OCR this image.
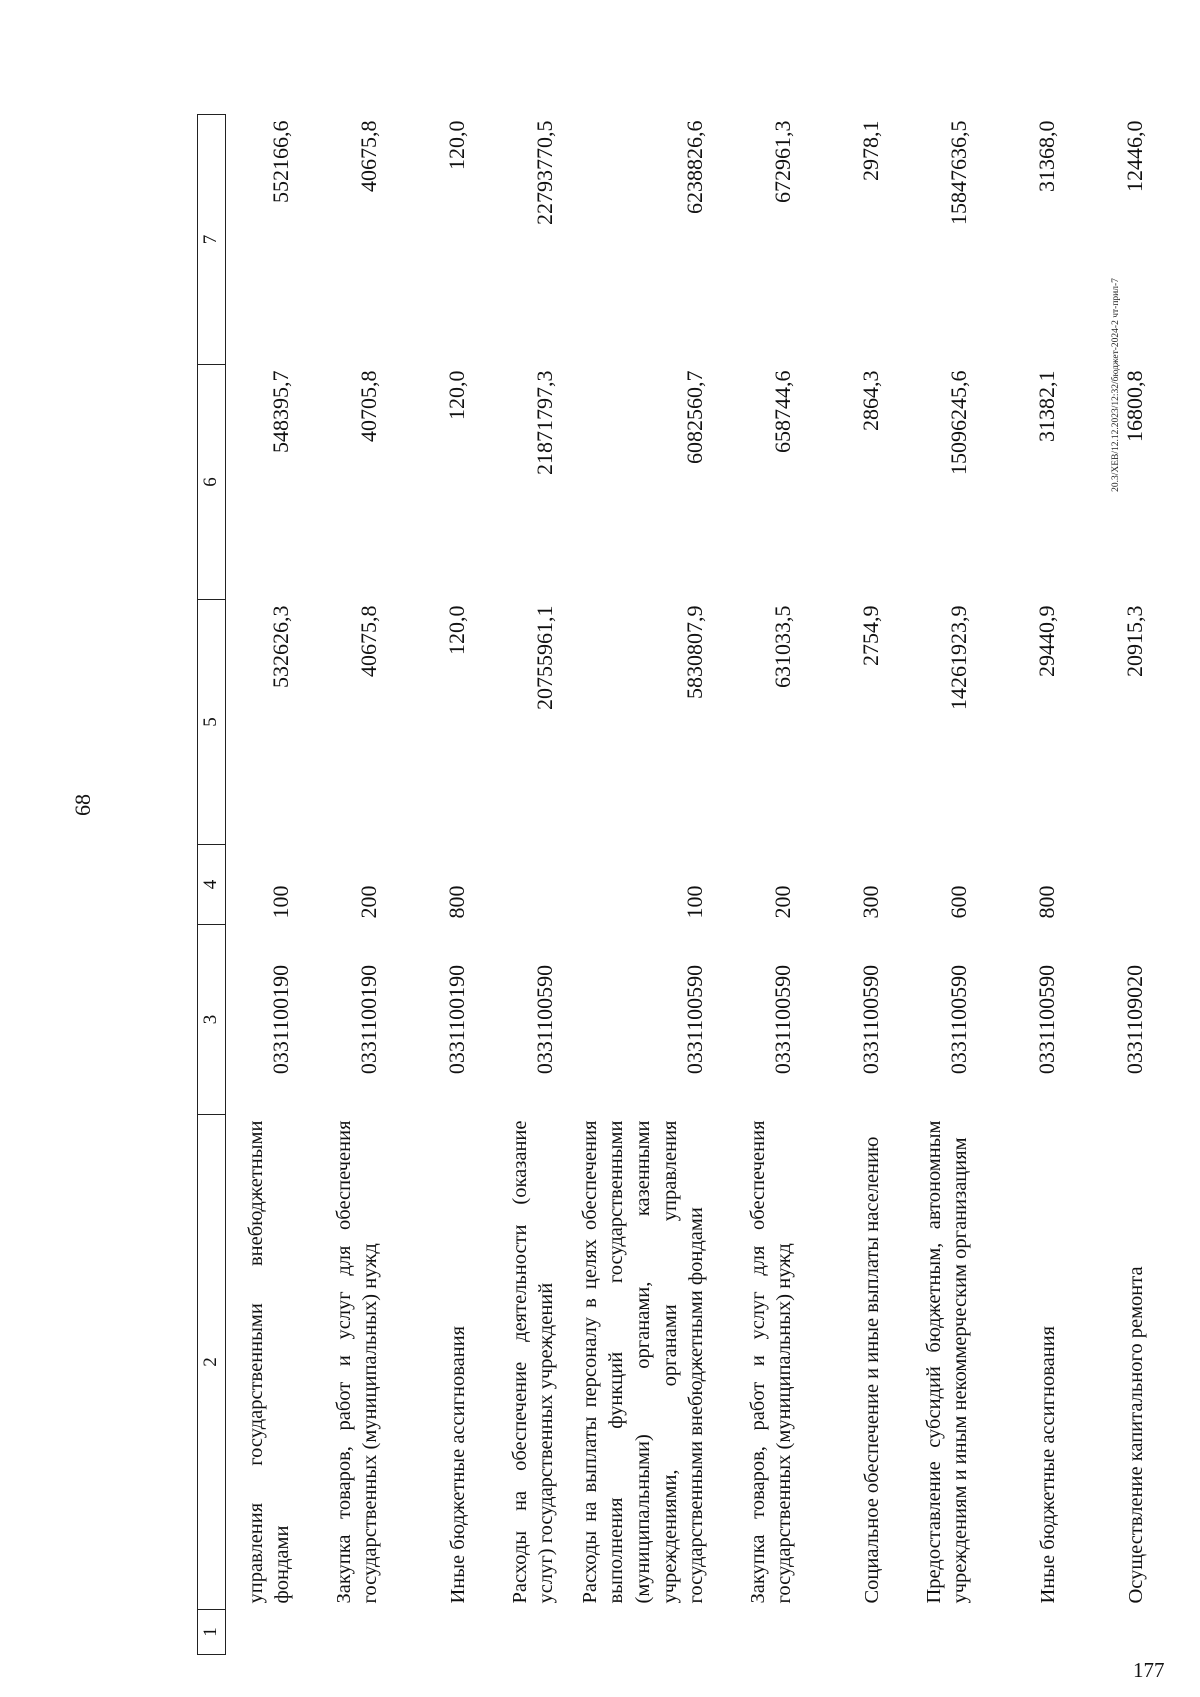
68
1	2	3	4	5	6	7
	управления государственными внебюджетными фондами	0331100190	100	532626,3	548395,7	552166,6
	Закупка товаров, работ и услуг для обеспечения государственных (муниципальных) нужд	0331100190	200	40675,8	40705,8	40675,8
	Иные бюджетные ассигнования	0331100190	800	120,0	120,0	120,0
	Расходы на обеспечение деятельности (оказание услуг) государственных учреждений	0331100590		20755961,1	21871797,3	22793770,5
	Расходы на выплаты персоналу в целях обеспечения выполнения функций государственными (муниципальными) органами, казенными учреждениями, органами управления государственными внебюджетными фондами	0331100590	100	5830807,9	6082560,7	6238826,6
	Закупка товаров, работ и услуг для обеспечения государственных (муниципальных) нужд	0331100590	200	631033,5	658744,6	672961,3
	Социальное обеспечение и иные выплаты населению	0331100590	300	2754,9	2864,3	2978,1
	Предоставление субсидий бюджетным, автономным учреждениям и иным некоммерческим организациям	0331100590	600	14261923,9	15096245,6	15847636,5
	Иные бюджетные ассигнования	0331100590	800	29440,9	31382,1	31368,0
	Осуществление капитального ремонта	0331109020		20915,3	16800,8	12446,0
20.3/XEB/12.12.2023/12:32/бюджет-2024-2 чт-прил-7
177
